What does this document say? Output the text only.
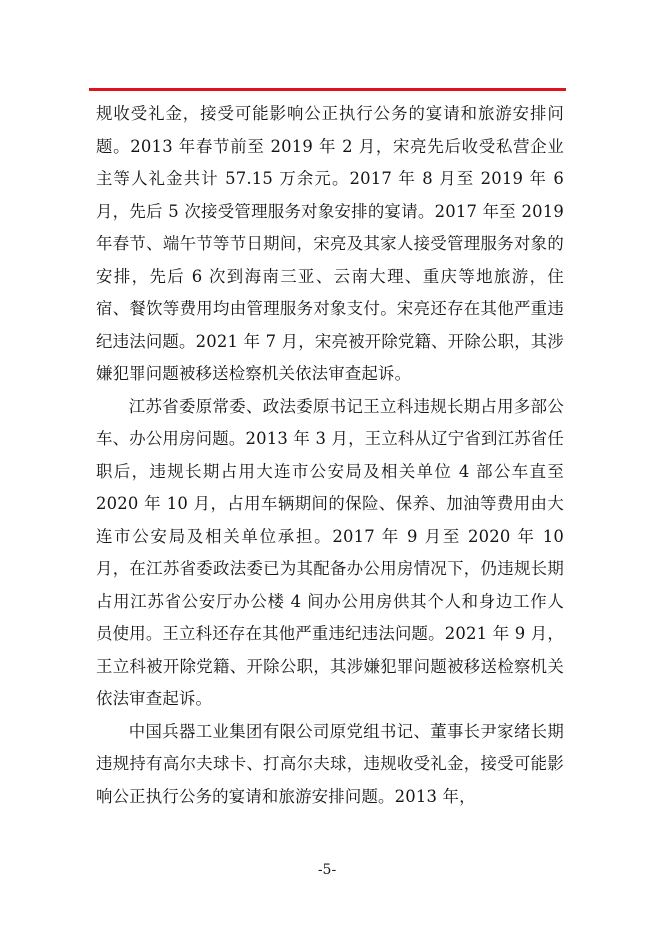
规收受礼金，接受可能影响公正执行公务的宴请和旅游安排问题。2013 年春节前至 2019 年 2 月，宋亮先后收受私营企业主等人礼金共计 57.15 万余元。2017 年 8 月至 2019 年 6 月，先后 5 次接受管理服务对象安排的宴请。2017 年至 2019 年春节、端午节等节日期间，宋亮及其家人接受管理服务对象的安排，先后 6 次到海南三亚、云南大理、重庆等地旅游，住宿、餐饮等费用均由管理服务对象支付。宋亮还存在其他严重违纪违法问题。2021 年 7 月，宋亮被开除党籍、开除公职，其涉嫌犯罪问题被移送检察机关依法审查起诉。

江苏省委原常委、政法委原书记王立科违规长期占用多部公车、办公用房问题。2013 年 3 月，王立科从辽宁省到江苏省任职后，违规长期占用大连市公安局及相关单位 4 部公车直至 2020 年 10 月，占用车辆期间的保险、保养、加油等费用由大连市公安局及相关单位承担。2017 年 9 月至 2020 年 10 月，在江苏省委政法委已为其配备办公用房情况下，仍违规长期占用江苏省公安厅办公楼 4 间办公用房供其个人和身边工作人员使用。王立科还存在其他严重违纪违法问题。2021 年 9 月，王立科被开除党籍、开除公职，其涉嫌犯罪问题被移送检察机关依法审查起诉。

中国兵器工业集团有限公司原党组书记、董事长尹家绪长期违规持有高尔夫球卡、打高尔夫球，违规收受礼金，接受可能影响公正执行公务的宴请和旅游安排问题。2013 年，

-5-
